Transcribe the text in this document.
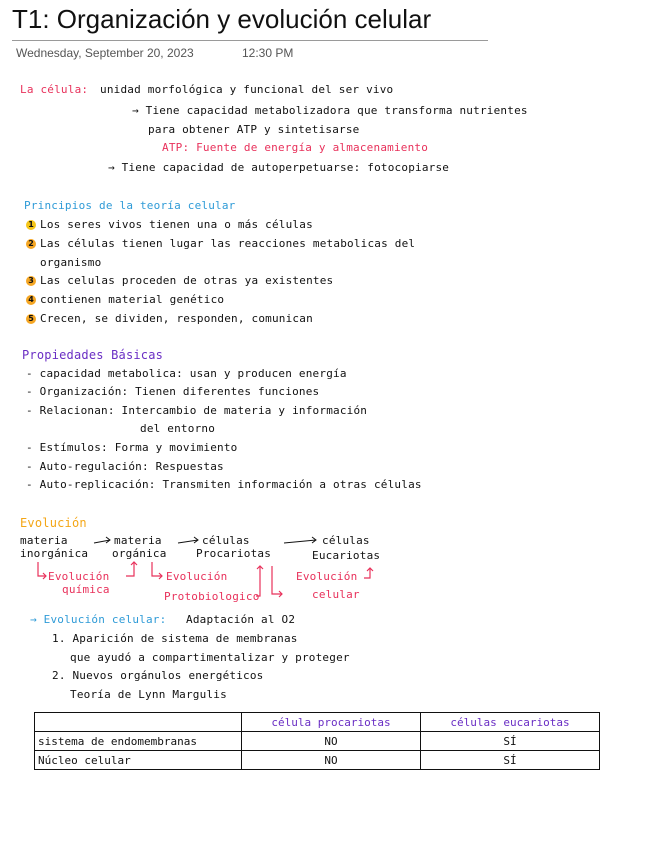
T1: Organización y evolución celular
Wednesday, September 20, 2023	12:30 PM
La célula: unidad morfológica y funcional del ser vivo
→ Tiene capacidad metabolizadora que transforma nutrientes
para obtener ATP y sintetisarse
ATP: Fuente de energía y almacenamiento
→ Tiene capacidad de autoperpetuarse: fotocopiarse
Principios de la teoría celular
1 Los seres vivos tienen una o más células
2 Las células tienen lugar las reacciones metabolicas del
organismo
3 Las celulas proceden de otras ya existentes
4 contienen material genético
5 Crecen, se dividen, responden, comunican
Propiedades Básicas
- capacidad metabolica: usan y producen energía
- Organización: Tienen diferentes funciones
- Relacionan: Intercambio de materia y información
del entorno
- Estímulos: Forma y movimiento
- Auto-regulación: Respuestas
- Auto-replicación: Transmiten información a otras células
Evolución
materia
inorgánica
materia
orgánica
células
Procariotas
células
Eucariotas
Evolución
química
Evolución
Protobiologico
Evolución
celular
→ Evolución celular: Adaptación al O2
1. Aparición de sistema de membranas
que ayudó a compartimentalizar y proteger
2. Nuevos orgánulos energéticos
Teoría de Lynn Margulis
	célula procariotas	células eucariotas
sistema de endomembranas	NO	SÍ
Núcleo celular	NO	SÍ
